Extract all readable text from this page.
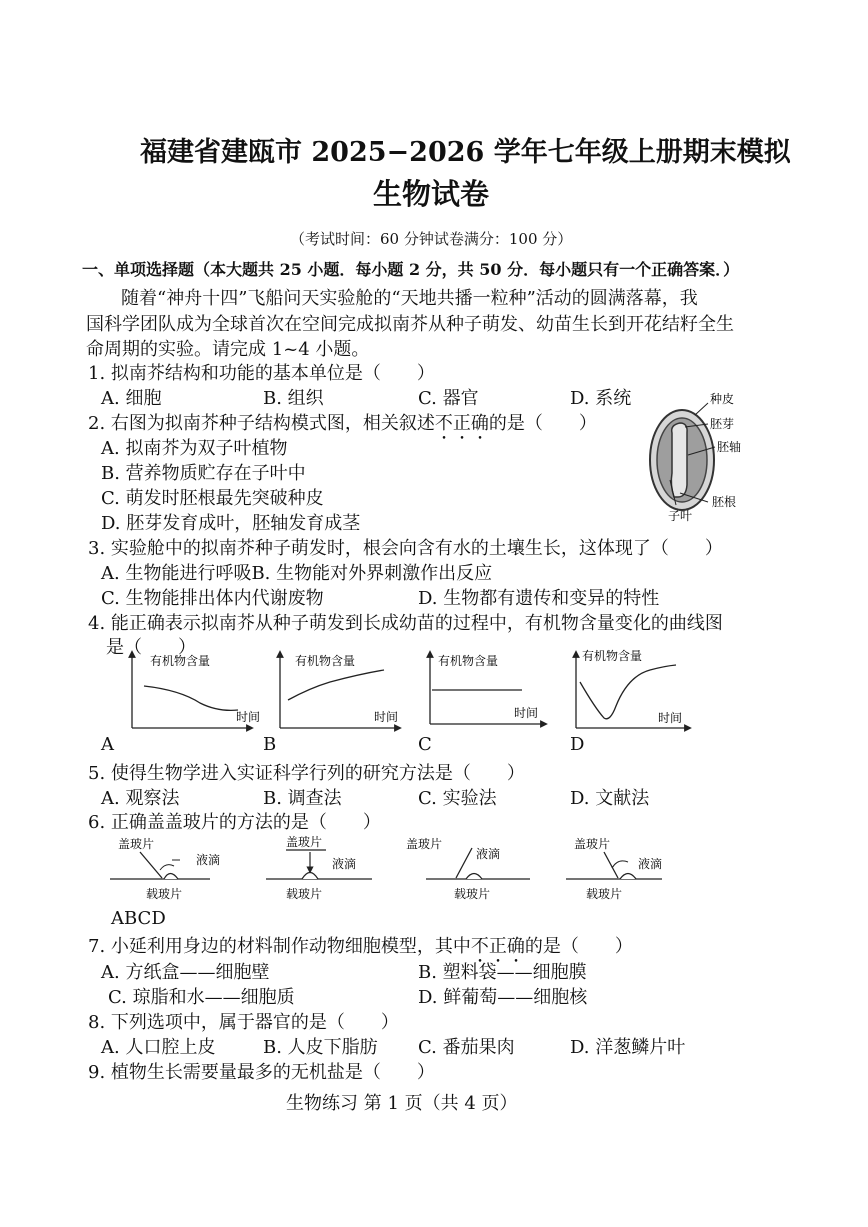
福建省建瓯市 2025−2026 学年七年级上册期末模拟
生物试卷
（考试时间：60 分钟试卷满分：100 分）
一、单项选择题（本大题共 25 小题．每小题 2 分，共 50 分．每小题只有一个正确答案．）
随着“神舟十四”飞船问天实验舱的“天地共播一粒种”活动的圆满落幕，我
国科学团队成为全球首次在空间完成拟南芥从种子萌发、幼苗生长到开花结籽全生
命周期的实验。请完成 1~4 小题。
1. 拟南芥结构和功能的基本单位是（　　）
A. 细胞	B. 组织	C. 器官	D. 系统
2. 右图为拟南芥种子结构模式图，相关叙述不正确的是（　　）
A. 拟南芥为双子叶植物
B. 营养物质贮存在子叶中
C. 萌发时胚根最先突破种皮
D. 胚芽发育成叶，胚轴发育成茎
种皮
胚芽
胚轴
胚根
子叶
3. 实验舱中的拟南芥种子萌发时，根会向含有水的土壤生长，这体现了（　　）
A. 生物能进行呼吸B. 生物能对外界刺激作出反应
C. 生物能排出体内代谢废物	D. 生物都有遗传和变异的特性
4. 能正确表示拟南芥从种子萌发到长成幼苗的过程中，有机物含量变化的曲线图
是（　　）
有机物含量
时间
有机物含量
时间
有机物含量
时间
有机物含量
时间
A	B	C	D
5. 使得生物学进入实证科学行列的研究方法是（　　）
A. 观察法	B. 调查法	C. 实验法	D. 文献法
6. 正确盖盖玻片的方法的是（　　）
盖玻片
液滴
载玻片
盖玻片
液滴
载玻片
盖玻片
液滴
载玻片
盖玻片
液滴
载玻片
ABCD
7. 小延利用身边的材料制作动物细胞模型，其中不正确的是（　　）
A. 方纸盒——细胞壁	B. 塑料袋——细胞膜
C. 琼脂和水——细胞质	D. 鲜葡萄——细胞核
8. 下列选项中，属于器官的是（　　）
A. 人口腔上皮	B. 人皮下脂肪 C. 番茄果肉	D. 洋葱鳞片叶
9. 植物生长需要量最多的无机盐是（　　）
生物练习 第 1 页（共 4 页）
